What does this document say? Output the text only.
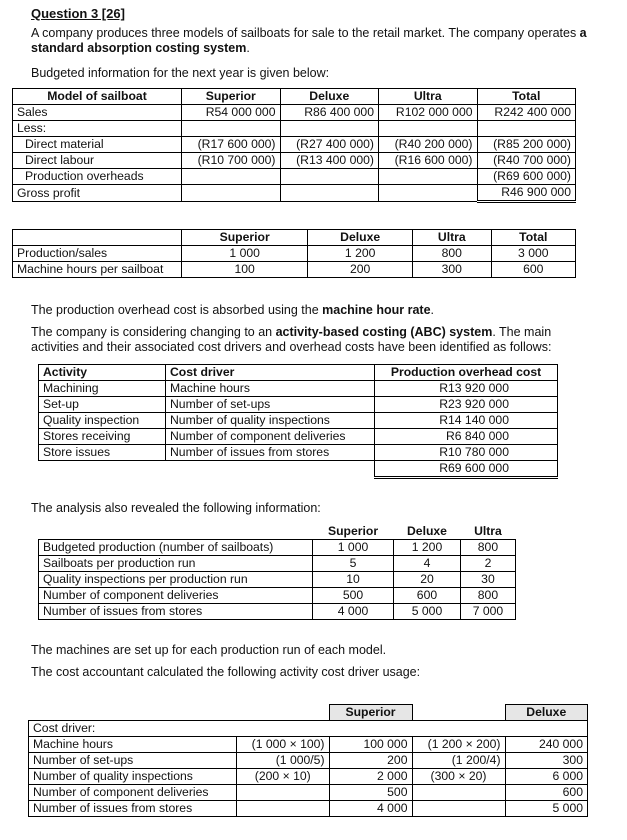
Question 3 [26]
A company produces three models of sailboats for sale to the retail market. The company operates a standard absorption costing system.
Budgeted information for the next year is given below:
Model of sailboat	Superior	Deluxe	Ultra	Total
Sales	R54 000 000	R86 400 000	R102 000 000	R242 400 000
Less:				
Direct material	(R17 600 000)	(R27 400 000)	(R40 200 000)	(R85 200 000)
Direct labour	(R10 700 000)	(R13 400 000)	(R16 600 000)	(R40 700 000)
Production overheads				(R69 600 000)
Gross profit				R46 900 000
	Superior	Deluxe	Ultra	Total
Production/sales	1 000	1 200	800	3 000
Machine hours per sailboat	100	200	300	600
The production overhead cost is absorbed using the machine hour rate.
The company is considering changing to an activity-based costing (ABC) system. The main activities and their associated cost drivers and overhead costs have been identified as follows:
Activity	Cost driver	Production overhead cost
Machining	Machine hours	R13 920 000
Set-up	Number of set-ups	R23 920 000
Quality inspection	Number of quality inspections	R14 140 000
Stores receiving	Number of component deliveries	R6 840 000
Store issues	Number of issues from stores	R10 780 000
		R69 600 000
The analysis also revealed the following information:
	Superior	Deluxe	Ultra
Budgeted production (number of sailboats)	1 000	1 200	800
Sailboats per production run	5	4	2
Quality inspections per production run	10	20	30
Number of component deliveries	500	600	800
Number of issues from stores	4 000	5 000	7 000
The machines are set up for each production run of each model.
The cost accountant calculated the following activity cost driver usage:
		Superior		Deluxe
Cost driver:				
Machine hours	(1 000 × 100)	100 000	(1 200 × 200)	240 000
Number of set-ups	(1 000/5)	200	(1 200/4)	300
Number of quality inspections	(200 × 10)	2 000	(300 × 20)	6 000
Number of component deliveries		500		600
Number of issues from stores		4 000		5 000
